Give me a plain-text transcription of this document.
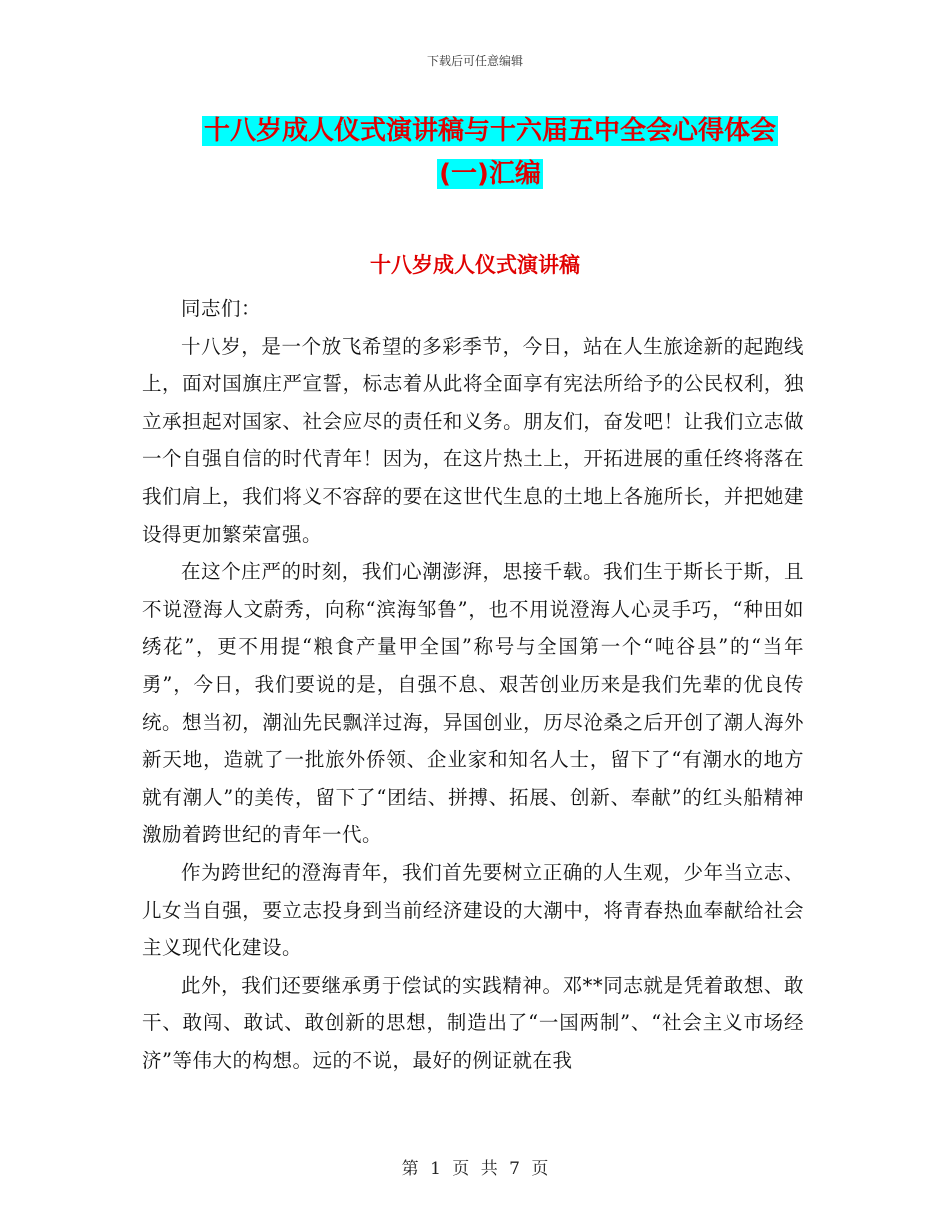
下载后可任意编辑
十八岁成人仪式演讲稿与十六届五中全会心得体会
(一)汇编
十八岁成人仪式演讲稿

同志们：

十八岁，是一个放飞希望的多彩季节，今日，站在人生旅途新的起跑线上，面对国旗庄严宣誓，标志着从此将全面享有宪法所给予的公民权利，独立承担起对国家、社会应尽的责任和义务。朋友们，奋发吧！让我们立志做一个自强自信的时代青年！因为，在这片热土上，开拓进展的重任终将落在我们肩上，我们将义不容辞的要在这世代生息的土地上各施所长，并把她建设得更加繁荣富强。

在这个庄严的时刻，我们心潮澎湃，思接千载。我们生于斯长于斯，且不说澄海人文蔚秀，向称“滨海邹鲁”，也不用说澄海人心灵手巧，“种田如绣花”，更不用提“粮食产量甲全国”称号与全国第一个“吨谷县”的“当年勇”，今日，我们要说的是，自强不息、艰苦创业历来是我们先辈的优良传统。想当初，潮汕先民飘洋过海，异国创业，历尽沧桑之后开创了潮人海外新天地，造就了一批旅外侨领、企业家和知名人士，留下了“有潮水的地方就有潮人”的美传，留下了“团结、拼搏、拓展、创新、奉献”的红头船精神激励着跨世纪的青年一代。

作为跨世纪的澄海青年，我们首先要树立正确的人生观，少年当立志、儿女当自强，要立志投身到当前经济建设的大潮中，将青春热血奉献给社会主义现代化建设。

此外，我们还要继承勇于偿试的实践精神。邓**同志就是凭着敢想、敢干、敢闯、敢试、敢创新的思想，制造出了“一国两制”、“社会主义市场经济”等伟大的构想。远的不说，最好的例证就在我

第 1 页 共 7 页
